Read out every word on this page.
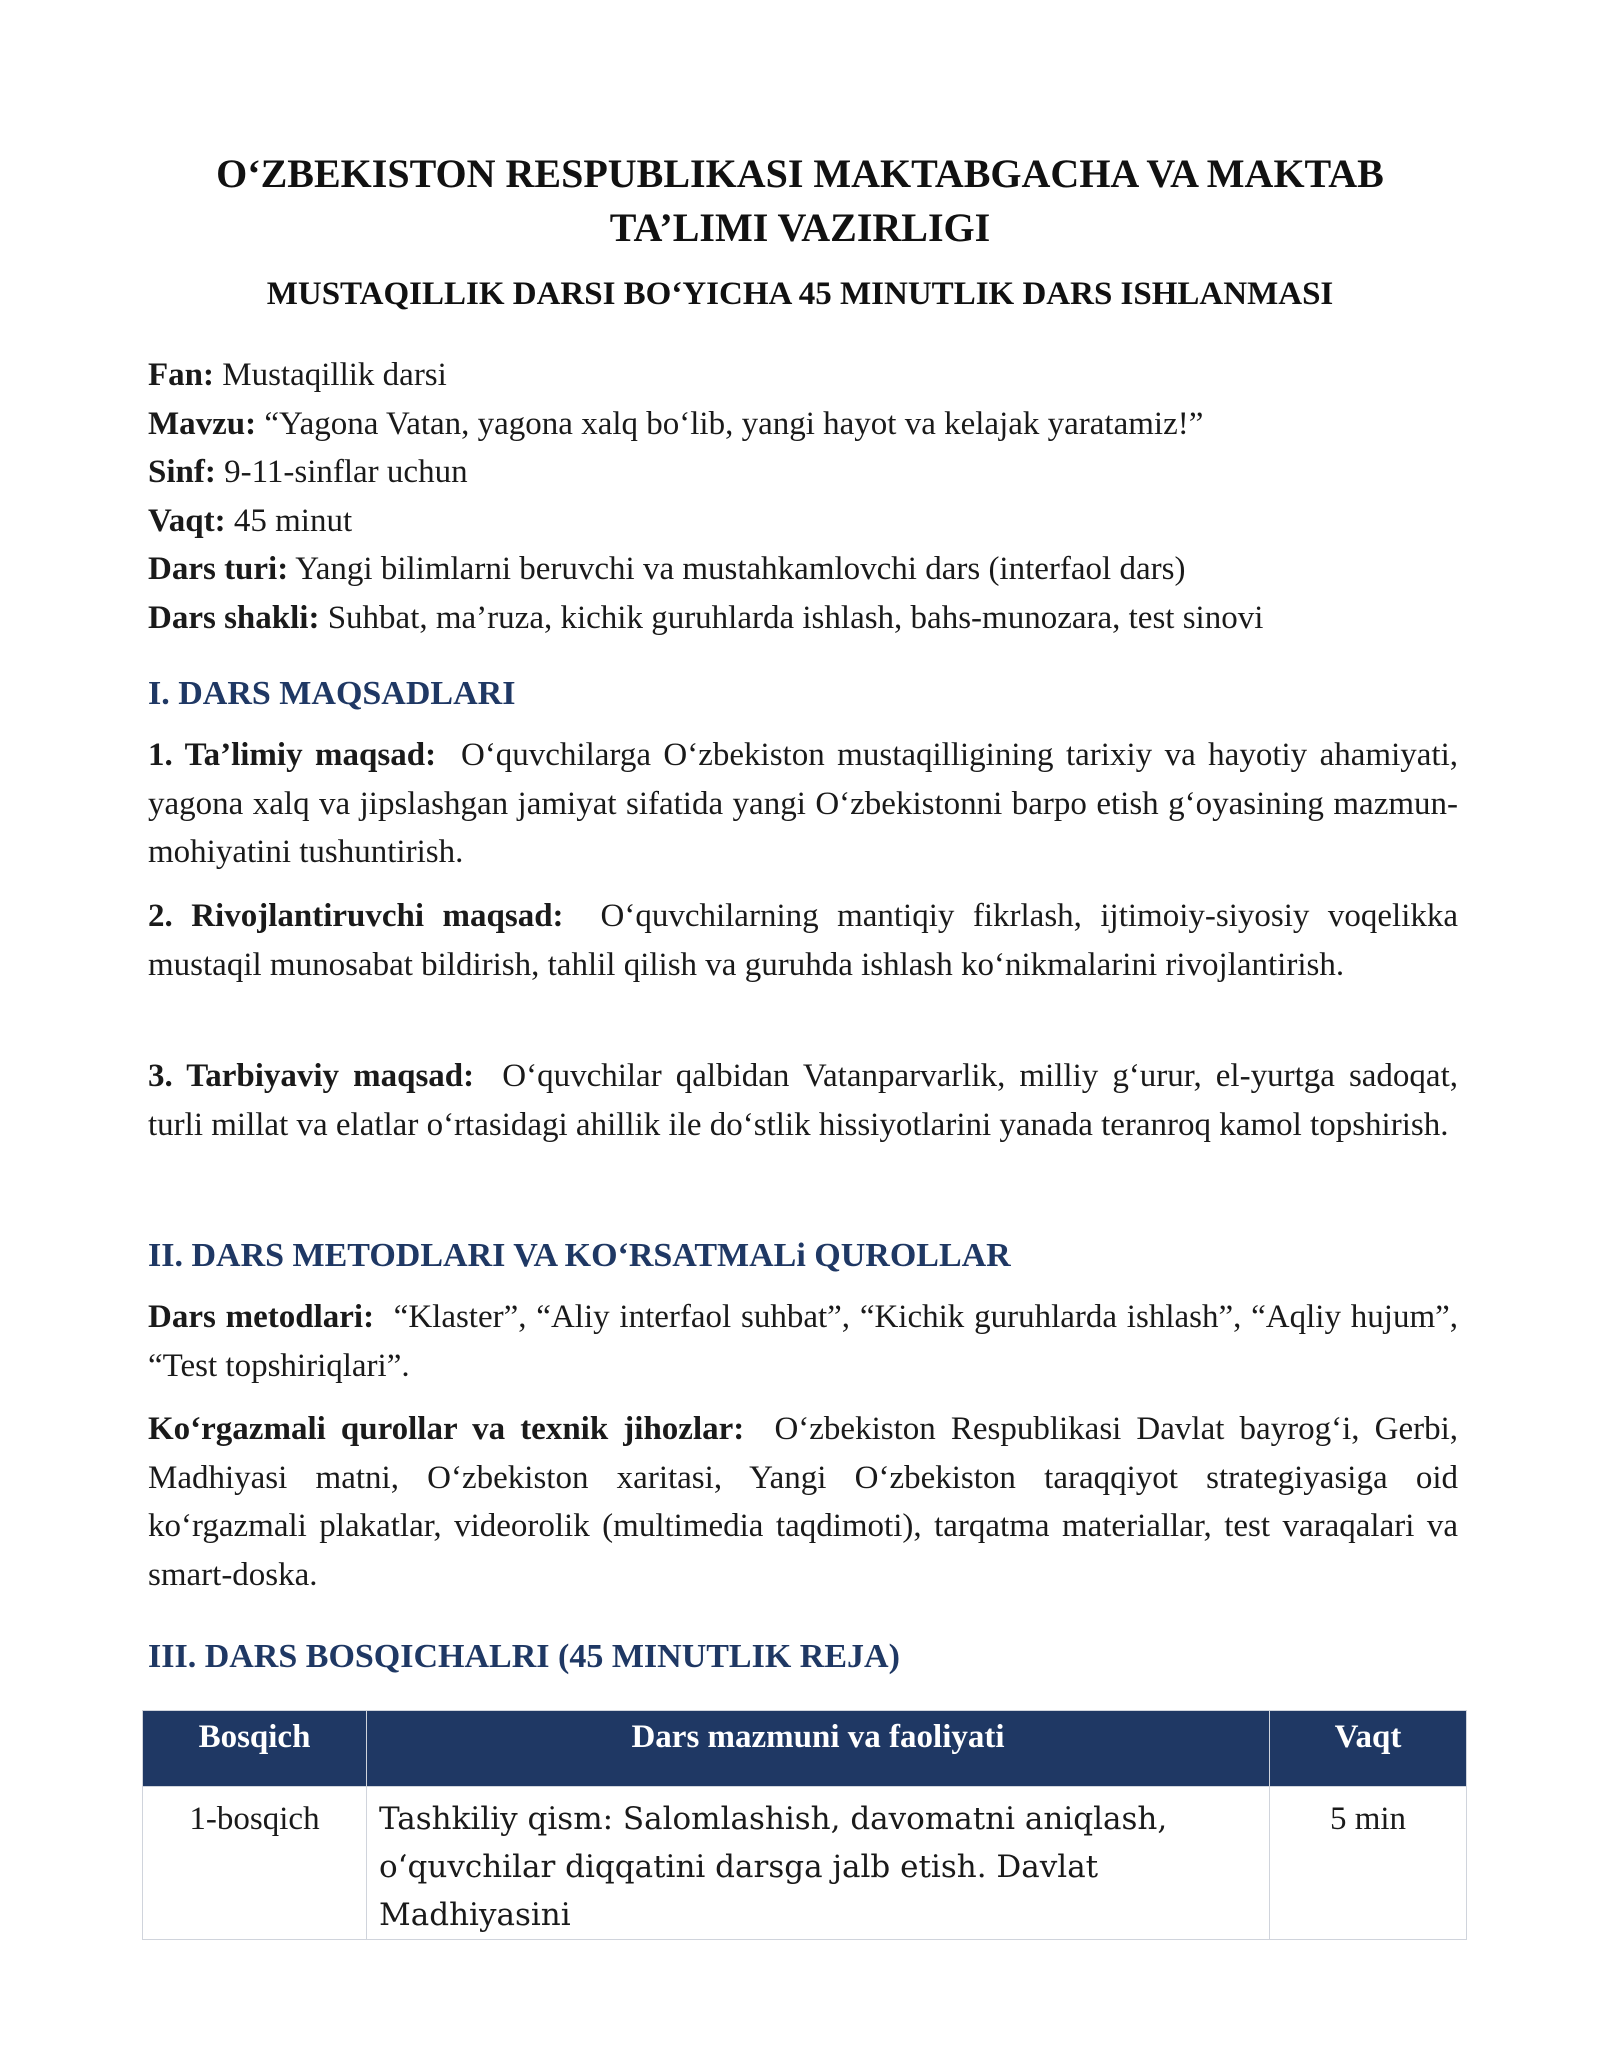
O‘ZBEKISTON RESPUBLIKASI MAKTABGACHA VA MAKTAB
TA’LIMI VAZIRLIGI
MUSTAQILLIK DARSI BO‘YICHA 45 MINUTLIK DARS ISHLANMASI
Fan: Mustaqillik darsi
Mavzu: “Yagona Vatan, yagona xalq bo‘lib, yangi hayot va kelajak yaratamiz!”
Sinf: 9-11-sinflar uchun
Vaqt: 45 minut
Dars turi: Yangi bilimlarni beruvchi va mustahkamlovchi dars (interfaol dars)
Dars shakli: Suhbat, ma’ruza, kichik guruhlarda ishlash, bahs-munozara, test sinovi
I. DARS MAQSADLARI
1. Ta’limiy maqsad: O‘quvchilarga O‘zbekiston mustaqilligining tarixiy va hayotiy ahamiyati, yagona xalq va jipslashgan jamiyat sifatida yangi O‘zbekistonni barpo etish g‘oyasining mazmun-mohiyatini tushuntirish.
2. Rivojlantiruvchi maqsad: O‘quvchilarning mantiqiy fikrlash, ijtimoiy-siyosiy voqelikka mustaqil munosabat bildirish, tahlil qilish va guruhda ishlash ko‘nikmalarini rivojlantirish.
3. Tarbiyaviy maqsad: O‘quvchilar qalbidan Vatanparvarlik, milliy g‘urur, el-yurtga sadoqat, turli millat va elatlar o‘rtasidagi ahillik ile do‘stlik hissiyotlarini yanada teranroq kamol topshirish.
II. DARS METODLARI VA KO‘RSATMALi QUROLLAR
Dars metodlari: “Klaster”, “Aliy interfaol suhbat”, “Kichik guruhlarda ishlash”, “Aqliy hujum”, “Test topshiriqlari”.
Ko‘rgazmali qurollar va texnik jihozlar: O‘zbekiston Respublikasi Davlat bayrog‘i, Gerbi, Madhiyasi matni, O‘zbekiston xaritasi, Yangi O‘zbekiston taraqqiyot strategiyasiga oid ko‘rgazmali plakatlar, videorolik (multimedia taqdimoti), tarqatma materiallar, test varaqalari va smart-doska.
III. DARS BOSQICHALRI (45 MINUTLIK REJA)
Bosqich	Dars mazmuni va faoliyati	Vaqt
1-bosqich	Tashkiliy qism: Salomlashish, davomatni aniqlash, o‘quvchilar diqqatini darsga jalb etish. Davlat Madhiyasini	5 min
